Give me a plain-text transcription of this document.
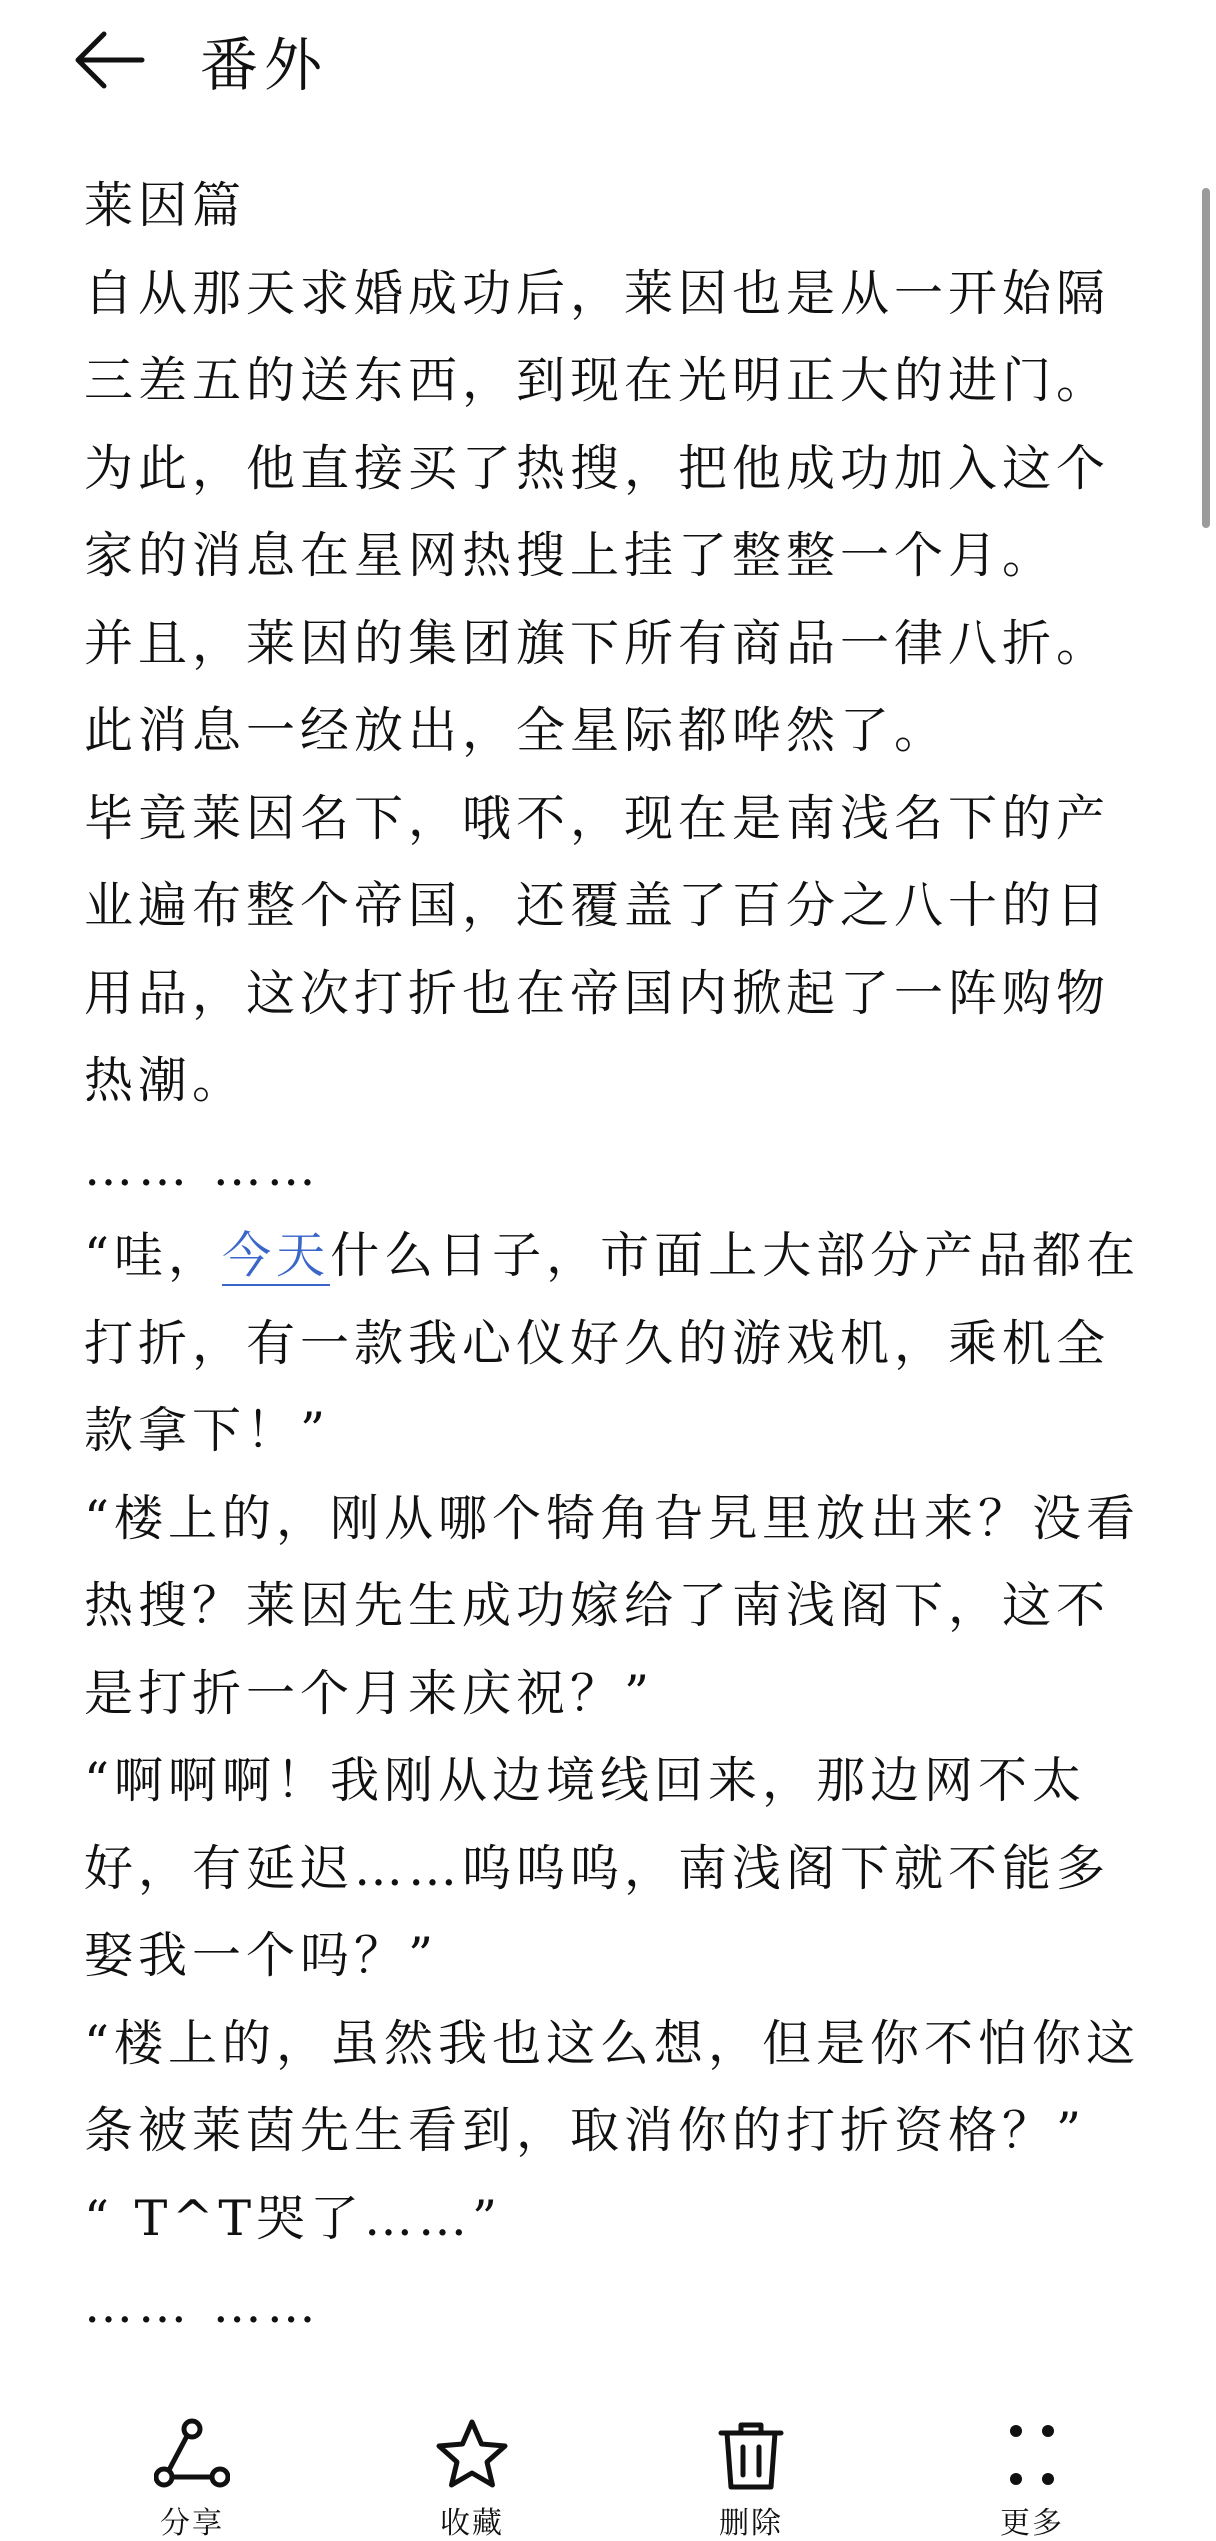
番外

莱因篇

自从那天求婚成功后，莱因也是从一开始隔三差五的送东西，到现在光明正大的进门。

为此，他直接买了热搜，把他成功加入这个家的消息在星网热搜上挂了整整一个月。

并且，莱因的集团旗下所有商品一律八折。

此消息一经放出，全星际都哗然了。

毕竟莱因名下，哦不，现在是南浅名下的产业遍布整个帝国，还覆盖了百分之八十的日用品，这次打折也在帝国内掀起了一阵购物热潮。

…… ……

“哇，今天什么日子，市面上大部分产品都在打折，有一款我心仪好久的游戏机，乘机全款拿下！”

“楼上的，刚从哪个犄角旮旯里放出来？没看热搜？莱因先生成功嫁给了南浅阁下，这不是打折一个月来庆祝？”

“啊啊啊！我刚从边境线回来，那边网不太好，有延迟……呜呜呜，南浅阁下就不能多娶我一个吗？”

“楼上的，虽然我也这么想，但是你不怕你这条被莱茵先生看到，取消你的打折资格？”

“ T^T哭了……”

…… ……

分享	收藏	删除	更多
